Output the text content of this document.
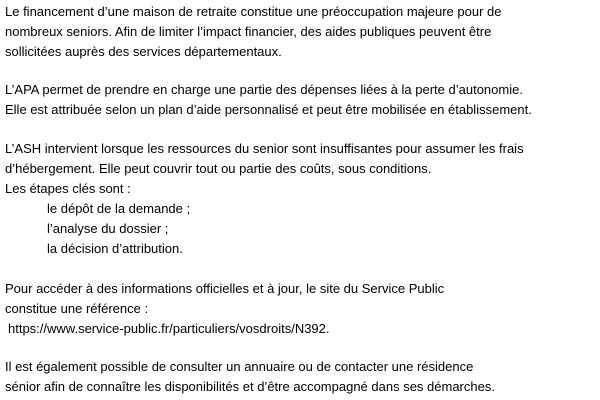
Le financement d’une maison de retraite constitue une préoccupation majeure pour de
nombreux seniors. Afin de limiter l’impact financier, des aides publiques peuvent être
sollicitées auprès des services départementaux.
L’APA permet de prendre en charge une partie des dépenses liées à la perte d’autonomie.
Elle est attribuée selon un plan d’aide personnalisé et peut être mobilisée en établissement.
L’ASH intervient lorsque les ressources du senior sont insuffisantes pour assumer les frais
d’hébergement. Elle peut couvrir tout ou partie des coûts, sous conditions.
Les étapes clés sont :
le dépôt de la demande ;
l’analyse du dossier ;
la décision d’attribution.
Pour accéder à des informations officielles et à jour, le site du Service Public
constitue une référence :
https://www.service-public.fr/particuliers/vosdroits/N392.
Il est également possible de consulter un annuaire ou de contacter une résidence
sénior afin de connaître les disponibilités et d’être accompagné dans ses démarches.
